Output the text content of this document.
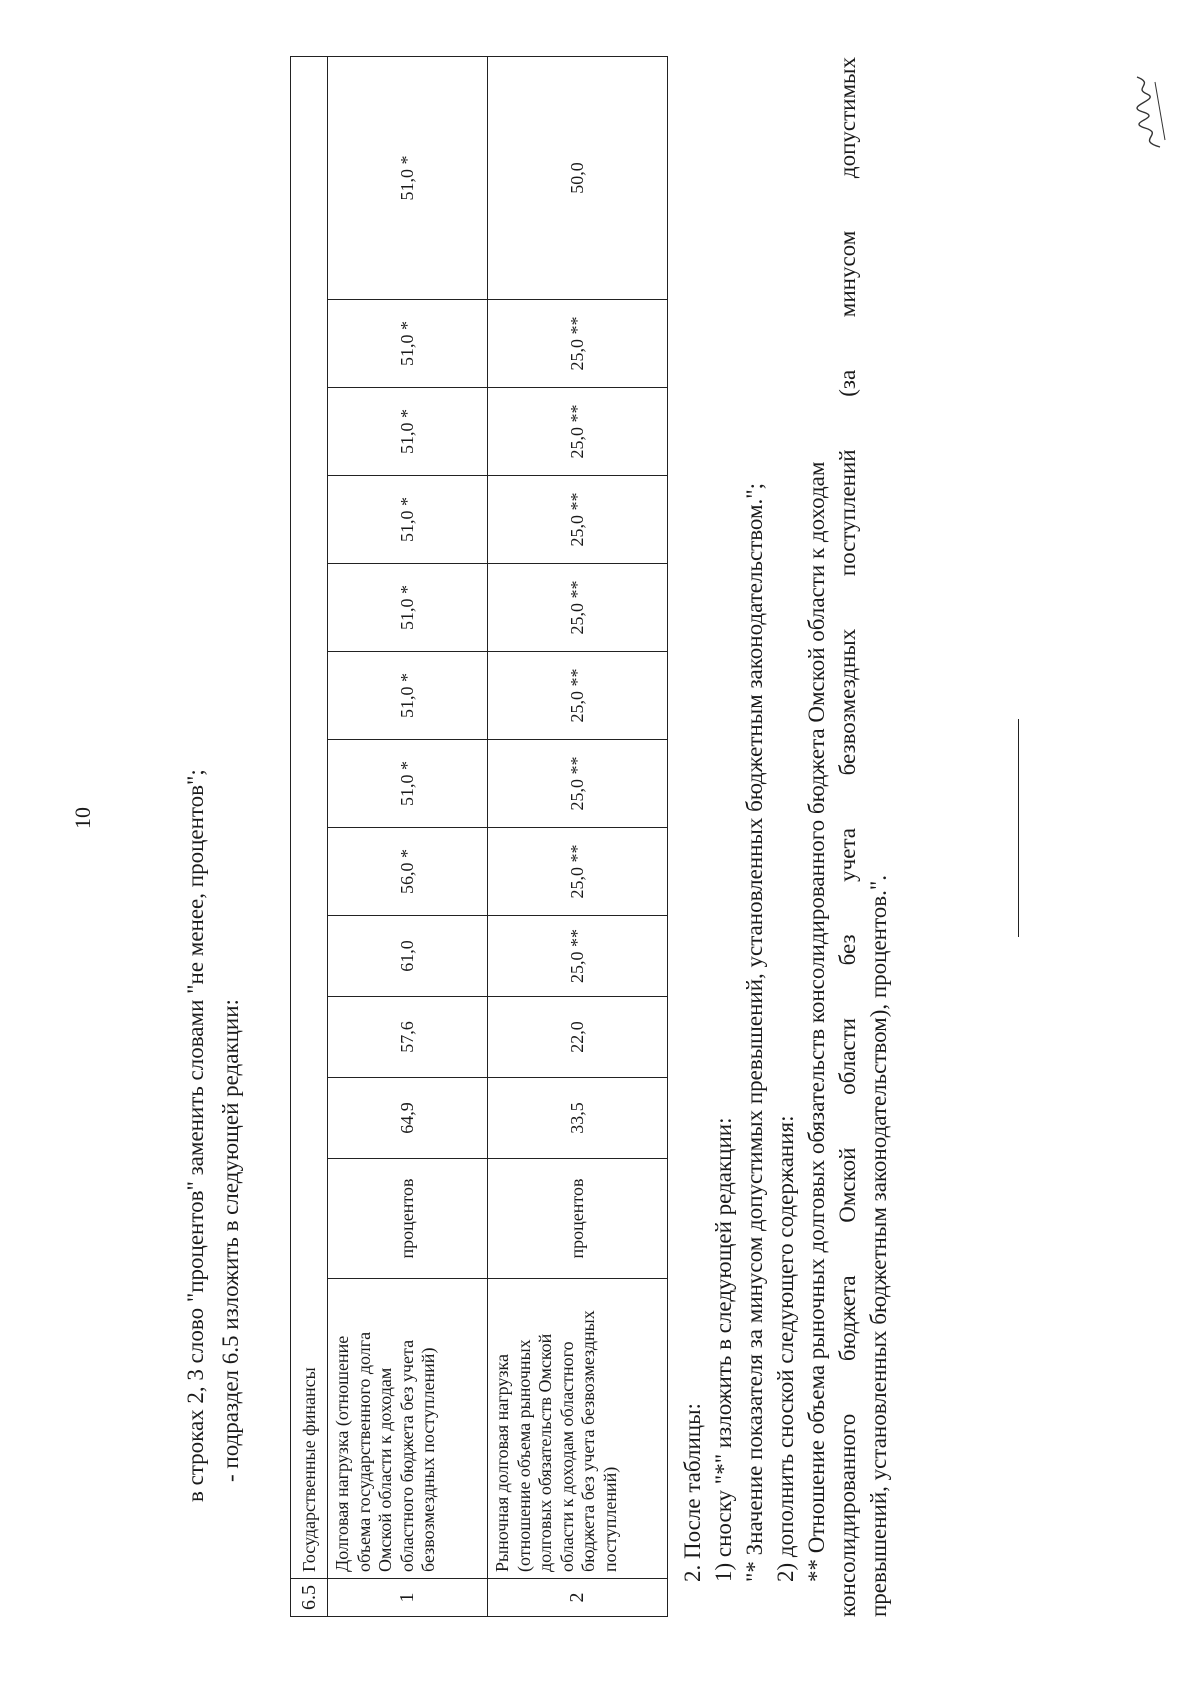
10	в строках 2, 3 слово "процентов" заменить словами "не менее, процентов"; - подраздел 6.5 изложить в следующей редакции:
6.5	Государственные финансы												
1	Долговая нагрузка (отношение объема государственного долга Омской области к доходам областного бюджета без учета безвозмездных поступлений)	процентов	64,9	57,6	61,0	56,0 *	51,0 *	51,0 *	51,0 *	51,0 *	51,0 *	51,0 *	51,0 *
2	Рыночная долговая нагрузка (отношение объема рыночных долговых обязательств Омской области к доходам областного бюджета без учета безвозмездных поступлений)	процентов	33,5	22,0	25,0 **	25,0 **	25,0 **	25,0 **	25,0 **	25,0 **	25,0 **	25,0 **	50,0
2. После таблицы: 1) сноску "*" изложить в следующей редакции: "* Значение показателя за минусом допустимых превышений, установленных бюджетным законодательством."; 2) дополнить сноской следующего содержания: ** Отношение объема рыночных долговых обязательств консолидированного бюджета Омской области к доходам консолидированного бюджета Омской области без учета безвозмездных поступлений (за минусом допустимых превышений, установленных бюджетным законодательством), процентов.".
